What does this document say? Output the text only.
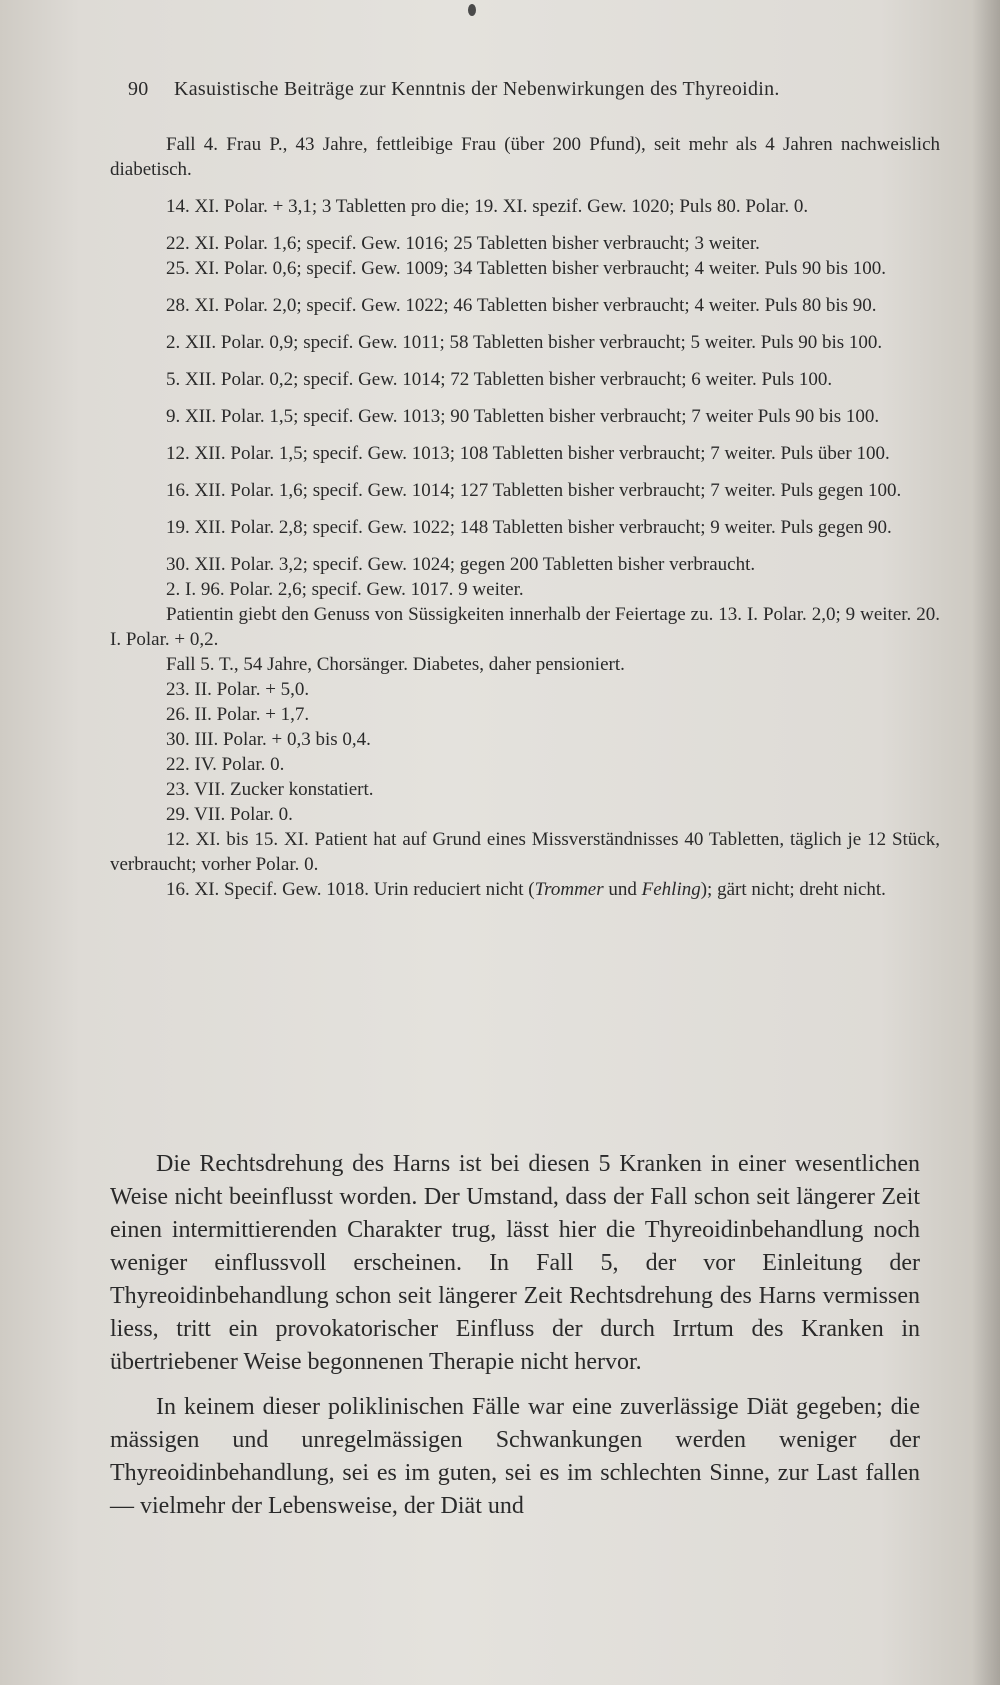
90 Kasuistische Beiträge zur Kenntnis der Nebenwirkungen des Thyreoidin.

Fall 4. Frau P., 43 Jahre, fettleibige Frau (über 200 Pfund), seit mehr als 4 Jahren nachweislich diabetisch.

14. XI. Polar. + 3,1; 3 Tabletten pro die; 19. XI. spezif. Gew. 1020; Puls 80. Polar. 0.

22. XI. Polar. 1,6; specif. Gew. 1016; 25 Tabletten bisher verbraucht; 3 weiter.

25. XI. Polar. 0,6; specif. Gew. 1009; 34 Tabletten bisher verbraucht; 4 weiter. Puls 90 bis 100.

28. XI. Polar. 2,0; specif. Gew. 1022; 46 Tabletten bisher verbraucht; 4 weiter. Puls 80 bis 90.

2. XII. Polar. 0,9; specif. Gew. 1011; 58 Tabletten bisher verbraucht; 5 weiter. Puls 90 bis 100.

5. XII. Polar. 0,2; specif. Gew. 1014; 72 Tabletten bisher verbraucht; 6 weiter. Puls 100.

9. XII. Polar. 1,5; specif. Gew. 1013; 90 Tabletten bisher verbraucht; 7 weiter Puls 90 bis 100.

12. XII. Polar. 1,5; specif. Gew. 1013; 108 Tabletten bisher verbraucht; 7 weiter. Puls über 100.

16. XII. Polar. 1,6; specif. Gew. 1014; 127 Tabletten bisher verbraucht; 7 weiter. Puls gegen 100.

19. XII. Polar. 2,8; specif. Gew. 1022; 148 Tabletten bisher verbraucht; 9 weiter. Puls gegen 90.

30. XII. Polar. 3,2; specif. Gew. 1024; gegen 200 Tabletten bisher verbraucht.

2. I. 96. Polar. 2,6; specif. Gew. 1017. 9 weiter.

Patientin giebt den Genuss von Süssigkeiten innerhalb der Feiertage zu. 13. I. Polar. 2,0; 9 weiter. 20. I. Polar. + 0,2.

Fall 5. T., 54 Jahre, Chorsänger. Diabetes, daher pensioniert.

23. II. Polar. + 5,0.

26. II. Polar. + 1,7.

30. III. Polar. + 0,3 bis 0,4.

22. IV. Polar. 0.

23. VII. Zucker konstatiert.

29. VII. Polar. 0.

12. XI. bis 15. XI. Patient hat auf Grund eines Missverständnisses 40 Tabletten, täglich je 12 Stück, verbraucht; vorher Polar. 0.

16. XI. Specif. Gew. 1018. Urin reduciert nicht (Trommer und Fehling); gärt nicht; dreht nicht.

Die Rechtsdrehung des Harns ist bei diesen 5 Kranken in einer wesentlichen Weise nicht beeinflusst worden. Der Umstand, dass der Fall schon seit längerer Zeit einen intermittierenden Charakter trug, lässt hier die Thyreoidinbehandlung noch weniger einflussvoll erscheinen. In Fall 5, der vor Einleitung der Thyreoidinbehandlung schon seit längerer Zeit Rechtsdrehung des Harns vermissen liess, tritt ein provokatorischer Einfluss der durch Irrtum des Kranken in übertriebener Weise begonnenen Therapie nicht hervor.

In keinem dieser poliklinischen Fälle war eine zuverlässige Diät gegeben; die mässigen und unregelmässigen Schwankungen werden weniger der Thyreoidinbehandlung, sei es im guten, sei es im schlechten Sinne, zur Last fallen — vielmehr der Lebensweise, der Diät und
